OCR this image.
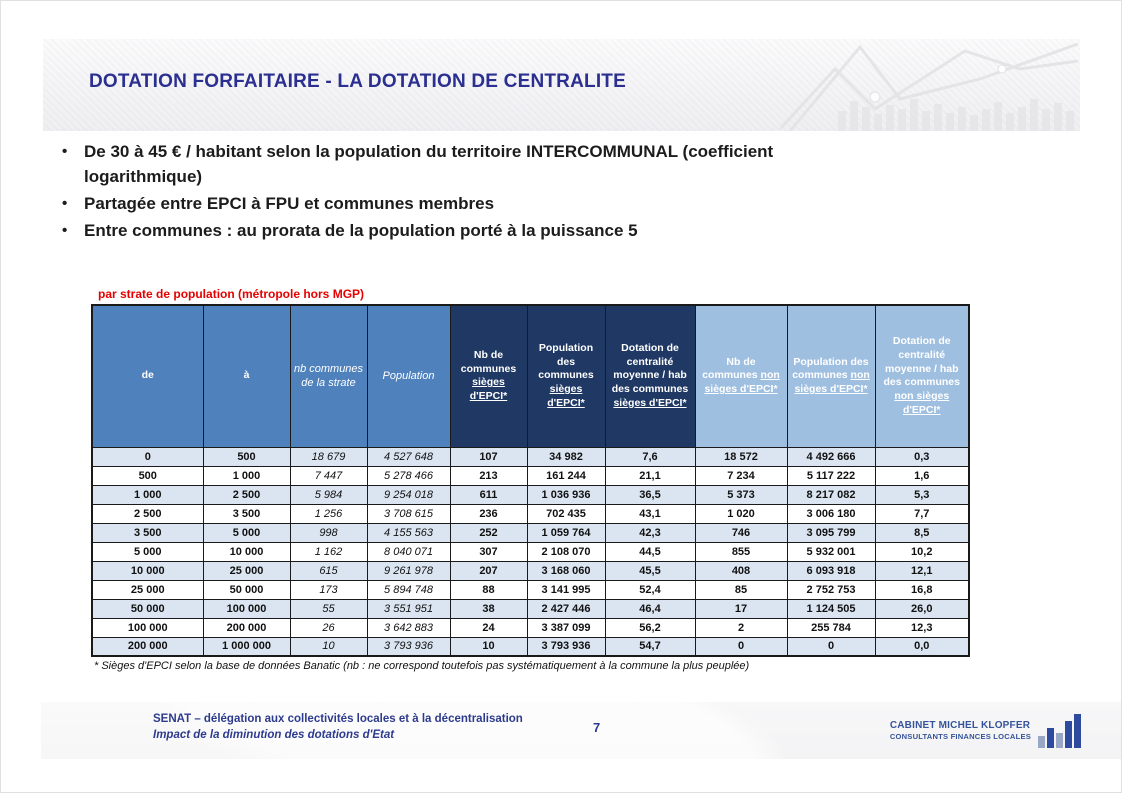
DOTATION FORFAITAIRE - LA DOTATION DE CENTRALITE
• De 30 à 45 € / habitant selon la population du territoire INTERCOMMUNAL (coefficient logarithmique)
• Partagée entre EPCI à FPU et communes membres
• Entre communes : au prorata de la population porté à la puissance 5
par strate de population (métropole hors MGP)
de	à	nb communes de la strate	Population	Nb de communes sièges d'EPCI*	Population des communes sièges d'EPCI*	Dotation de centralité moyenne / hab des communes sièges d'EPCI*	Nb de communes non sièges d'EPCI*	Population des communes non sièges d'EPCI*	Dotation de centralité moyenne / hab des communes non sièges d'EPCI*
0	500	18 679	4 527 648	107	34 982	7,6	18 572	4 492 666	0,3
500	1 000	7 447	5 278 466	213	161 244	21,1	7 234	5 117 222	1,6
1 000	2 500	5 984	9 254 018	611	1 036 936	36,5	5 373	8 217 082	5,3
2 500	3 500	1 256	3 708 615	236	702 435	43,1	1 020	3 006 180	7,7
3 500	5 000	998	4 155 563	252	1 059 764	42,3	746	3 095 799	8,5
5 000	10 000	1 162	8 040 071	307	2 108 070	44,5	855	5 932 001	10,2
10 000	25 000	615	9 261 978	207	3 168 060	45,5	408	6 093 918	12,1
25 000	50 000	173	5 894 748	88	3 141 995	52,4	85	2 752 753	16,8
50 000	100 000	55	3 551 951	38	2 427 446	46,4	17	1 124 505	26,0
100 000	200 000	26	3 642 883	24	3 387 099	56,2	2	255 784	12,3
200 000	1 000 000	10	3 793 936	10	3 793 936	54,7	0	0	0,0
* Sièges d'EPCI selon la base de données Banatic (nb : ne correspond toutefois pas systématiquement à la commune la plus peuplée)
SENAT – délégation aux collectivités locales et à la décentralisation
Impact de la diminution des dotations d'Etat	7	CABINET MICHEL KLOPFER
CONSULTANTS FINANCES LOCALES
